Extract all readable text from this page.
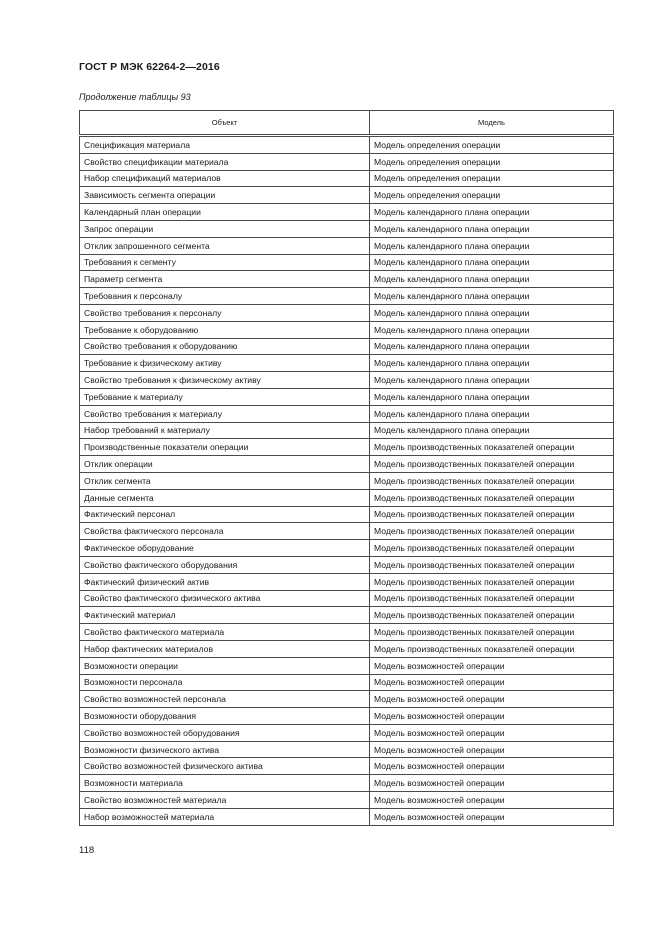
ГОСТ Р МЭК 62264-2—2016
Продолжение таблицы 93
Объект	Модель
Спецификация материала	Модель определения операции
Свойство спецификации материала	Модель определения операции
Набор спецификаций материалов	Модель определения операции
Зависимость сегмента операции	Модель определения операции
Календарный план операции	Модель календарного плана операции
Запрос операции	Модель календарного плана операции
Отклик запрошенного сегмента	Модель календарного плана операции
Требования к сегменту	Модель календарного плана операции
Параметр сегмента	Модель календарного плана операции
Требования к персоналу	Модель календарного плана операции
Свойство требования к персоналу	Модель календарного плана операции
Требование к оборудованию	Модель календарного плана операции
Свойство требования к оборудованию	Модель календарного плана операции
Требование к физическому активу	Модель календарного плана операции
Свойство требования к физическому активу	Модель календарного плана операции
Требование к материалу	Модель календарного плана операции
Свойство требования к материалу	Модель календарного плана операции
Набор требований к материалу	Модель календарного плана операции
Производственные показатели операции	Модель производственных показателей операции
Отклик операции	Модель производственных показателей операции
Отклик сегмента	Модель производственных показателей операции
Данные сегмента	Модель производственных показателей операции
Фактический персонал	Модель производственных показателей операции
Свойства фактического персонала	Модель производственных показателей операции
Фактическое оборудование	Модель производственных показателей операции
Свойство фактического оборудования	Модель производственных показателей операции
Фактический физический актив	Модель производственных показателей операции
Свойство фактического физического актива	Модель производственных показателей операции
Фактический материал	Модель производственных показателей операции
Свойство фактического материала	Модель производственных показателей операции
Набор фактических материалов	Модель производственных показателей операции
Возможности операции	Модель возможностей операции
Возможности персонала	Модель возможностей операции
Свойство возможностей персонала	Модель возможностей операции
Возможности оборудования	Модель возможностей операции
Свойство возможностей оборудования	Модель возможностей операции
Возможности физического актива	Модель возможностей операции
Свойство возможностей физического актива	Модель возможностей операции
Возможности материала	Модель возможностей операции
Свойство возможностей материала	Модель возможностей операции
Набор возможностей материала	Модель возможностей операции
118
